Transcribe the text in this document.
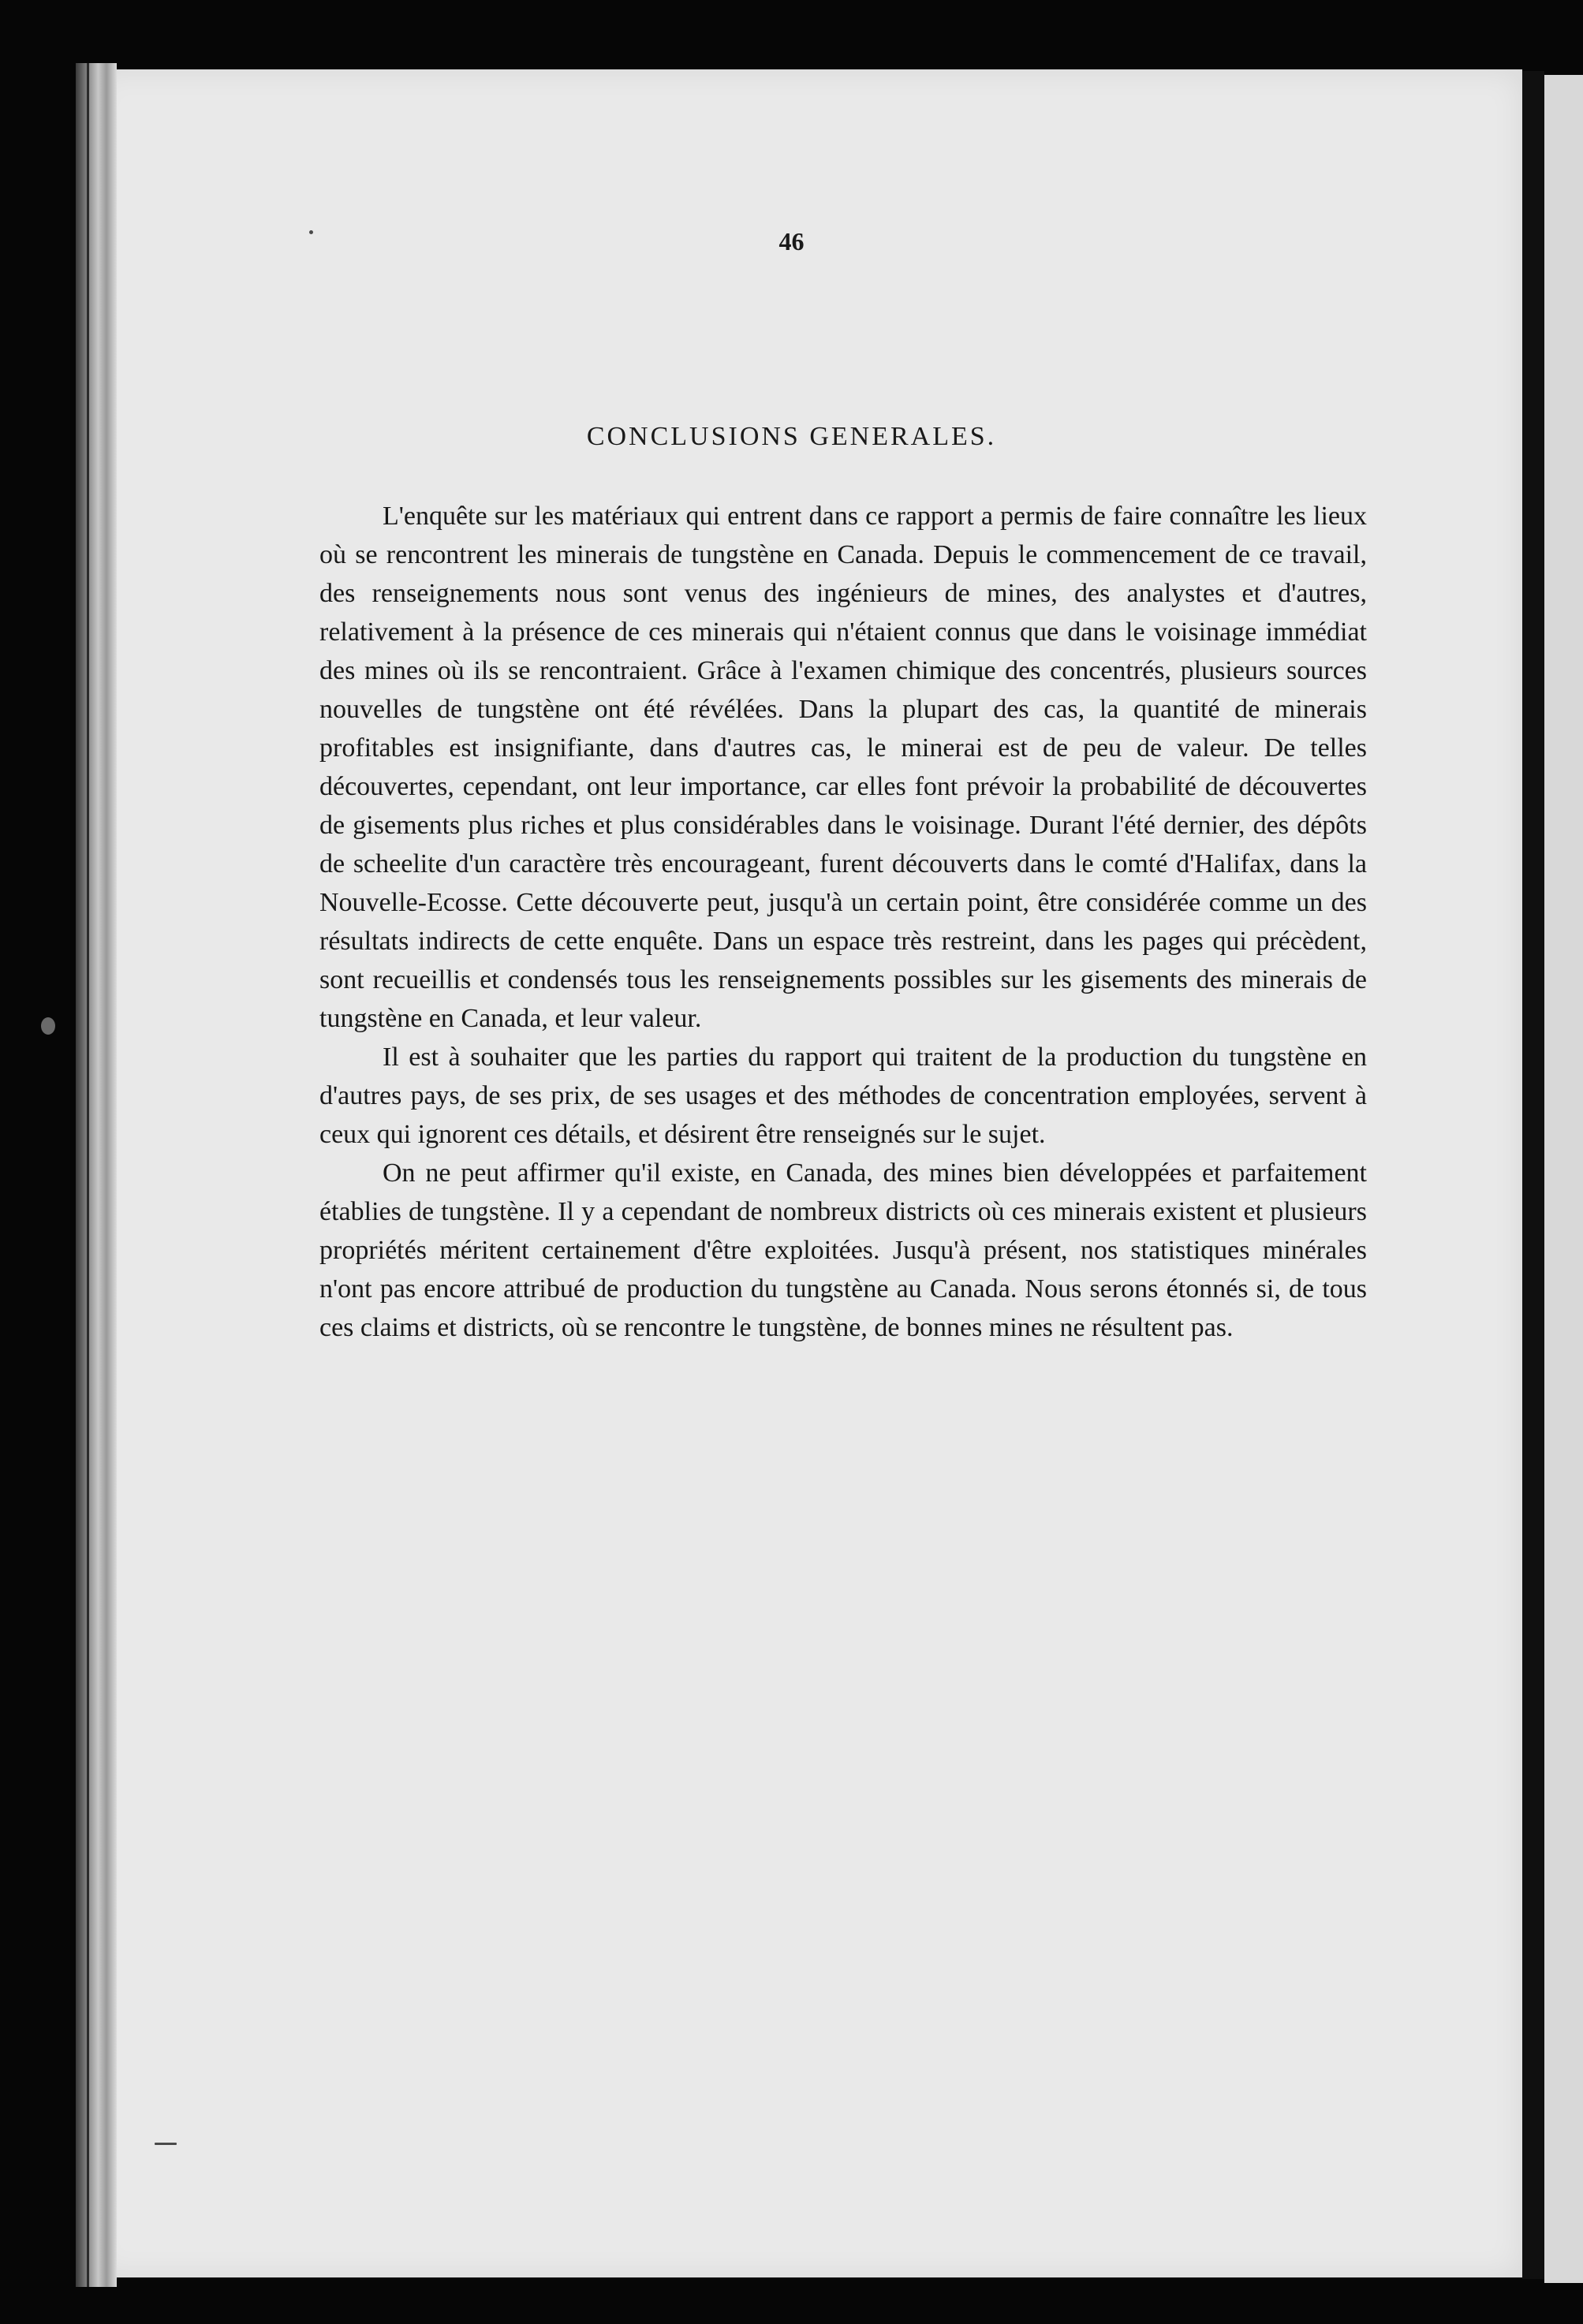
46
CONCLUSIONS GENERALES.

L'enquête sur les matériaux qui entrent dans ce rapport a permis de faire connaître les lieux où se rencontrent les minerais de tungstène en Canada. Depuis le commencement de ce travail, des renseignements nous sont venus des ingénieurs de mines, des analystes et d'autres, relativement à la présence de ces minerais qui n'étaient connus que dans le voisinage immédiat des mines où ils se rencontraient. Grâce à l'examen chimique des concentrés, plusieurs sources nouvelles de tungstène ont été révélées. Dans la plupart des cas, la quantité de minerais profitables est insignifiante, dans d'autres cas, le minerai est de peu de valeur. De telles découvertes, cependant, ont leur importance, car elles font prévoir la probabilité de découvertes de gisements plus riches et plus considérables dans le voisinage. Durant l'été dernier, des dépôts de scheelite d'un caractère très encourageant, furent découverts dans le comté d'Halifax, dans la Nouvelle-Ecosse. Cette découverte peut, jusqu'à un certain point, être considérée comme un des résultats indirects de cette enquête. Dans un espace très restreint, dans les pages qui précèdent, sont recueillis et condensés tous les renseignements possibles sur les gisements des minerais de tungstène en Canada, et leur valeur.

Il est à souhaiter que les parties du rapport qui traitent de la production du tungstène en d'autres pays, de ses prix, de ses usages et des méthodes de concentration employées, servent à ceux qui ignorent ces détails, et désirent être renseignés sur le sujet.

On ne peut affirmer qu'il existe, en Canada, des mines bien développées et parfaitement établies de tungstène. Il y a cependant de nombreux districts où ces minerais existent et plusieurs propriétés méritent certainement d'être exploitées. Jusqu'à présent, nos statistiques minérales n'ont pas encore attribué de production du tungstène au Canada. Nous serons étonnés si, de tous ces claims et districts, où se rencontre le tungstène, de bonnes mines ne résultent pas.
